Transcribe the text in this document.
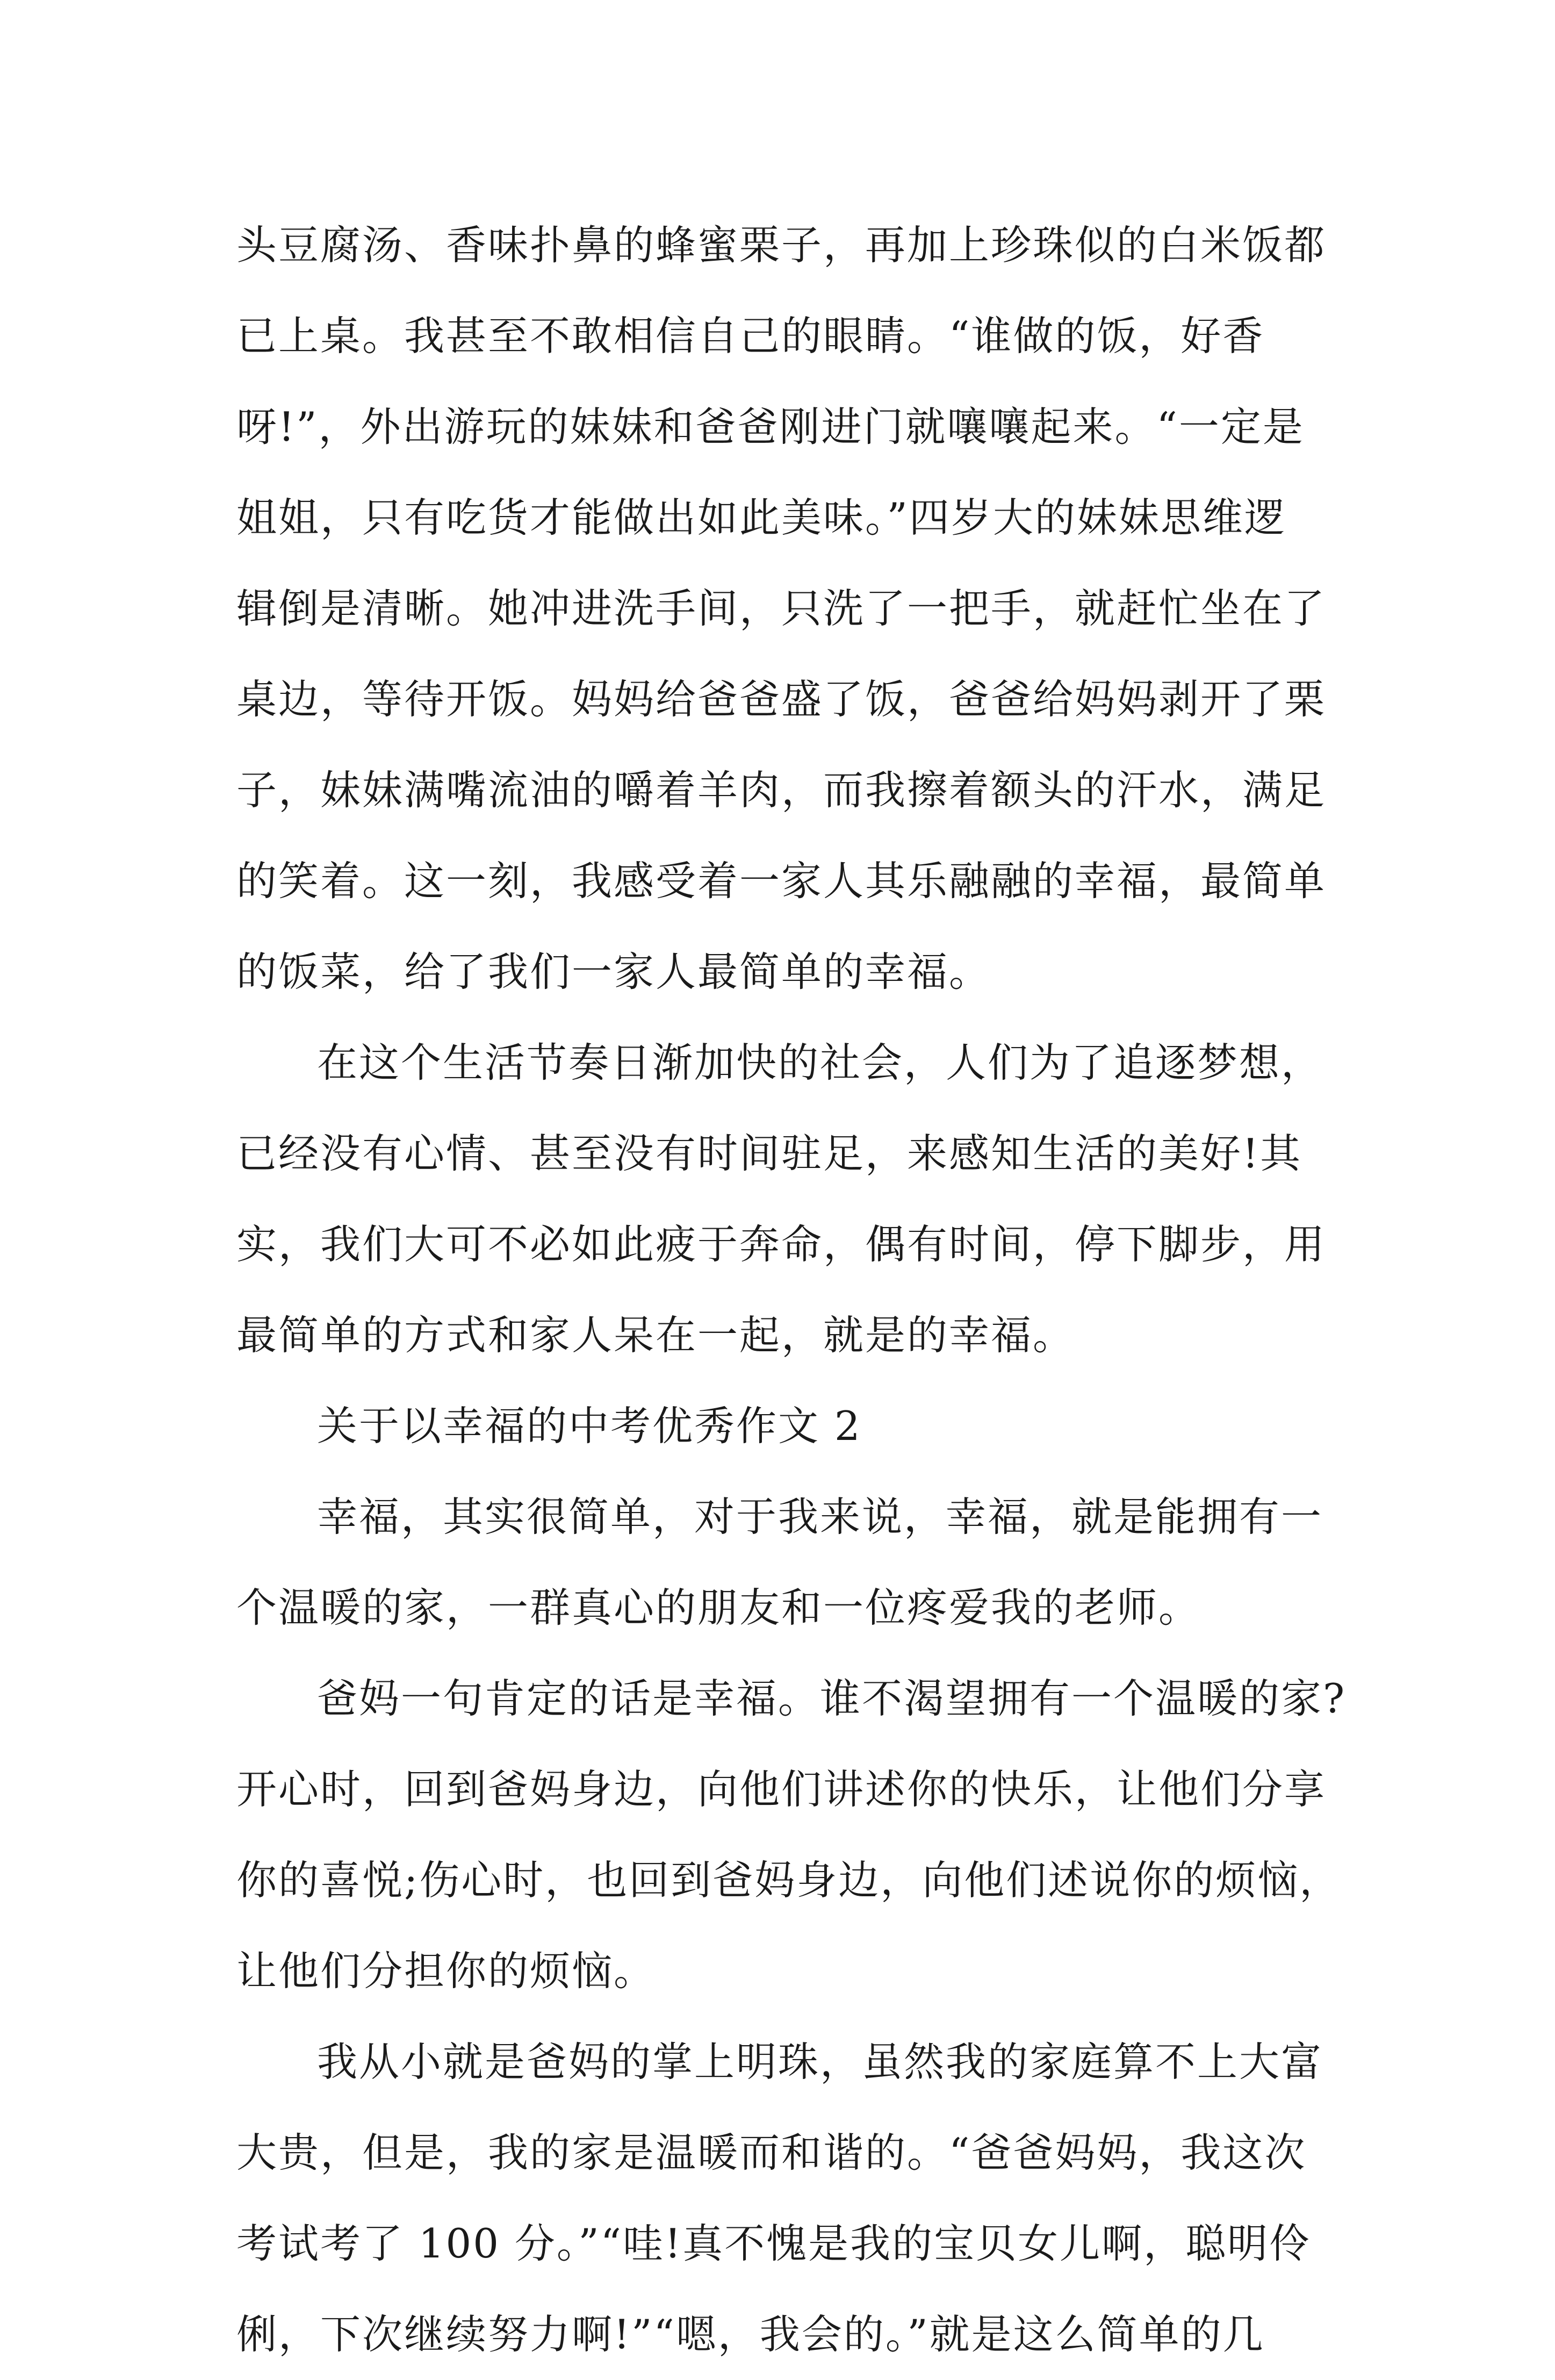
头豆腐汤、香味扑鼻的蜂蜜栗子，再加上珍珠似的白米饭都
已上桌。我甚至不敢相信自己的眼睛。“谁做的饭，好香
呀!”，外出游玩的妹妹和爸爸刚进门就嚷嚷起来。“一定是
姐姐，只有吃货才能做出如此美味。”四岁大的妹妹思维逻
辑倒是清晰。她冲进洗手间，只洗了一把手，就赶忙坐在了
桌边，等待开饭。妈妈给爸爸盛了饭，爸爸给妈妈剥开了栗
子，妹妹满嘴流油的嚼着羊肉，而我擦着额头的汗水，满足
的笑着。这一刻，我感受着一家人其乐融融的幸福，最简单
的饭菜，给了我们一家人最简单的幸福。
在这个生活节奏日渐加快的社会，人们为了追逐梦想，
已经没有心情、甚至没有时间驻足，来感知生活的美好!其
实，我们大可不必如此疲于奔命，偶有时间，停下脚步，用
最简单的方式和家人呆在一起，就是的幸福。
关于以幸福的中考优秀作文 2
幸福，其实很简单，对于我来说，幸福，就是能拥有一
个温暖的家，一群真心的朋友和一位疼爱我的老师。
爸妈一句肯定的话是幸福。谁不渴望拥有一个温暖的家?
开心时，回到爸妈身边，向他们讲述你的快乐，让他们分享
你的喜悦;伤心时，也回到爸妈身边，向他们述说你的烦恼，
让他们分担你的烦恼。
我从小就是爸妈的掌上明珠，虽然我的家庭算不上大富
大贵，但是，我的家是温暖而和谐的。“爸爸妈妈，我这次
考试考了 100 分。”“哇!真不愧是我的宝贝女儿啊，聪明伶
俐，下次继续努力啊!”“嗯，我会的。”就是这么简单的几
